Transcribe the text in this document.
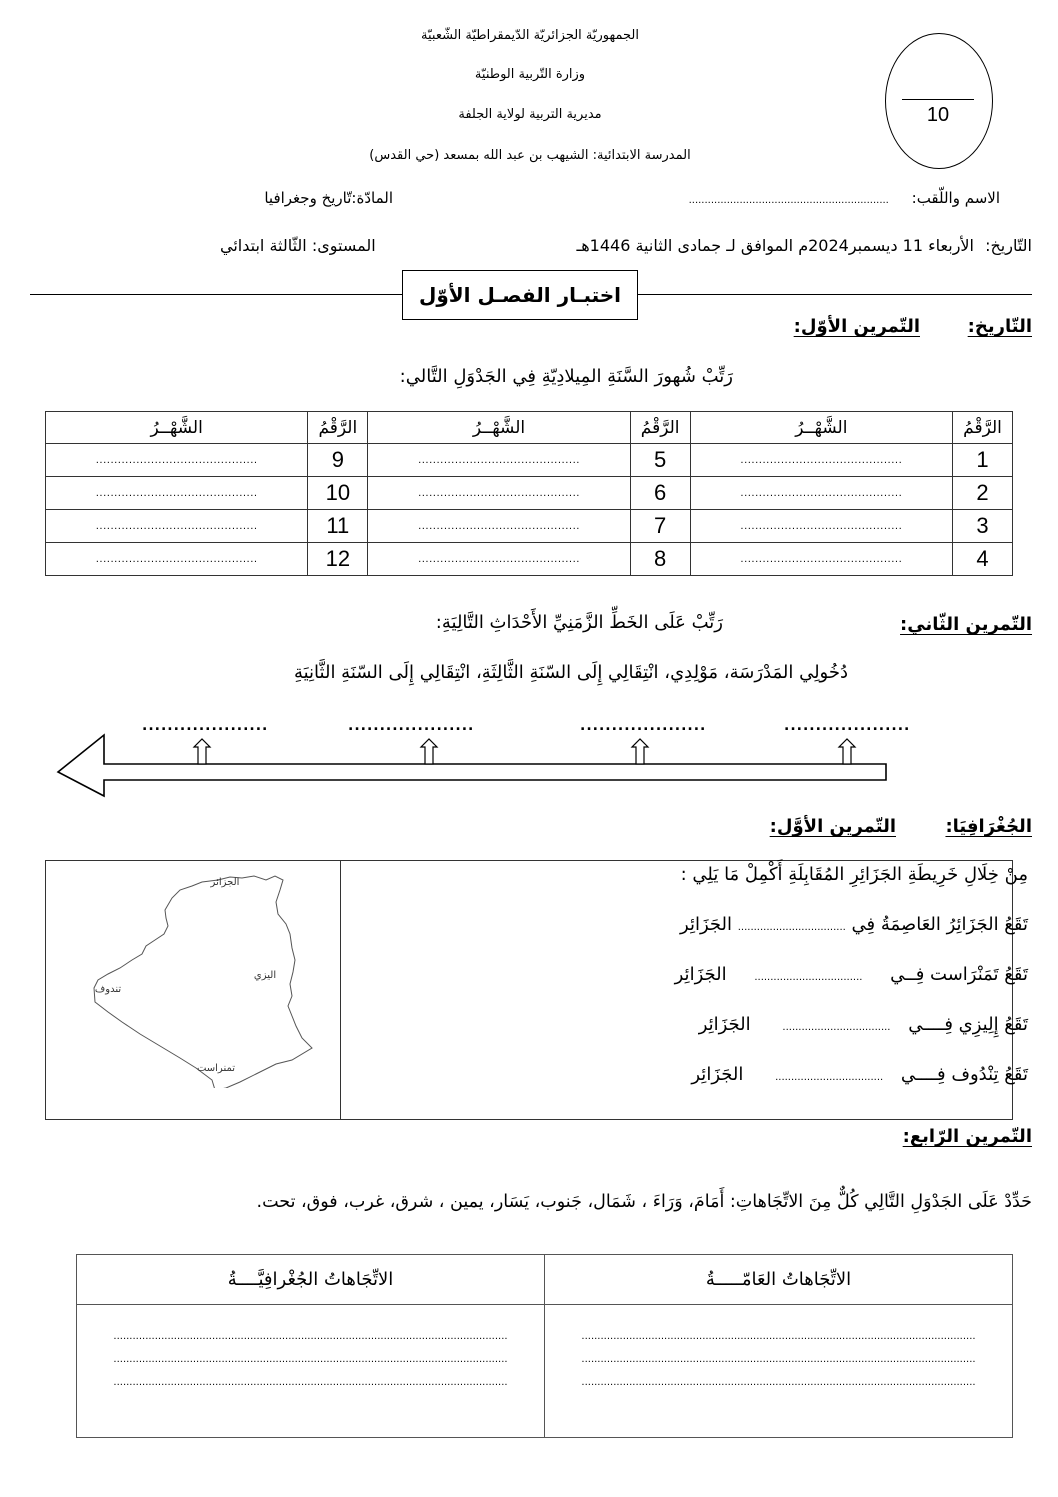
الجمهوريّة الجزائريّة الدّيمقراطيّة الشّعبيّة
وزارة التّربية الوطنيّة
مديرية التربية لولاية الجلفة
المدرسة الابتدائية: الشيهب بن عبد الله بمسعد (حي القدس)
10
الاسم واللّقب: ...............................................................
المادّة:تّاريخ وجغرافيا
التّاريخ: الأربعاء 11 ديسمبر2024م الموافق لـ جمادى الثانية 1446هـ
المستوى: الثّالثة ابتدائي
اختبـار الفصـل الأوّل
التّاريخ:
التّمرين الأوّل:
رَتِّبْ شُهورَ السَّنَةِ المِيلادِيّةِ فِي الجَدْوَلِ التَّالي:
الرَّقْمُ	الشَّهْــرُ	الرَّقْمُ	الشَّهْــرُ	الرَّقْمُ	الشَّهْــرُ
1	............................................	5	............................................	9	............................................
2	............................................	6	............................................	10	............................................
3	............................................	7	............................................	11	............................................
4	............................................	8	............................................	12	............................................
التّمرين الثّاني:
رَتِّبْ عَلَى الخَطِّ الزَّمَنِيِّ الأَحْدَاثِ التَّالِيَةِ:
دُخُولِي المَدْرَسَة، مَوْلِدِي، انْتِقَالِي إِلَى السّنَةِ الثَّالِثَةِ، انْتِقَالِي إِلَى السّنَةِ الثَّانِيَةِ
....................	....................	....................	....................
الجُغْرَافِيَا:
التّمرين الأوَّل:
مِنْ خِلَالِ خَرِيطَةِ الجَزَائِرِ المُقَابِلَةِ أَكْمِلْ مَا يَلِي :
تَقَعُ الجَزَائِرُ العَاصِمَةُ فِي .................................. الجَزَائِر
تَقَعُ تَمَنْرَاست فِــي .................................. الجَزَائِر
تَقَعُ إِلِيزِي فِــــي .................................. الجَزَائِر
تَقَعُ تِنْدُوف فِــــي .................................. الجَزَائِر
الجزائر
اليزي
تندوف
تمنراست
التّمرين الرّابع:
حَدِّدْ عَلَى الجَدْوَلِ التَّالِي كُلٌّ مِنَ الاتِّجَاهاتِ: أَمَامَ، وَرَاءَ ، شَمَال، جَنوب، يَسَار، يمين ، شرق، غرب، فوق، تحت.
الاتِّجَاهاتُ العَامّـــــةُ	الاتِّجَاهاتُ الجُغْرافِيَّــــةُ

............................................................................................................................
............................................................................................................................
............................................................................................................................

............................................................................................................................
............................................................................................................................
............................................................................................................................
